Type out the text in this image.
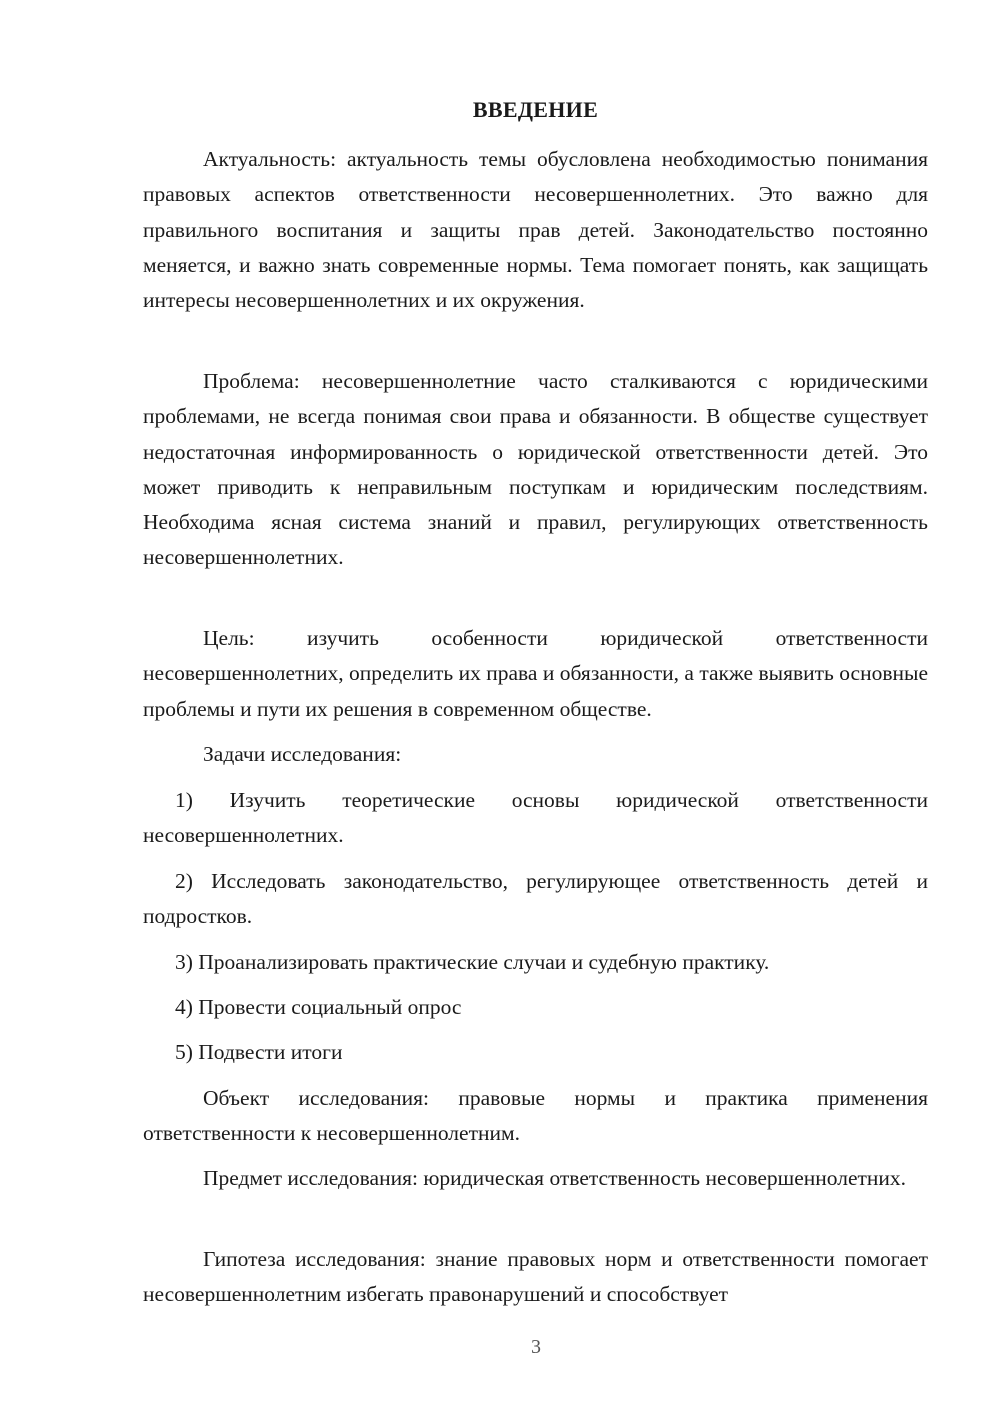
ВВЕДЕНИЕ

Актуальность: актуальность темы обусловлена необходимостью понимания правовых аспектов ответственности несовершеннолетних. Это важно для правильного воспитания и защиты прав детей. Законодательство постоянно меняется, и важно знать современные нормы. Тема помогает понять, как защищать интересы несовершеннолетних и их окружения.

Проблема: несовершеннолетние часто сталкиваются с юридическими проблемами, не всегда понимая свои права и обязанности. В обществе существует недостаточная информированность о юридической ответственности детей. Это может приводить к неправильным поступкам и юридическим последствиям. Необходима ясная система знаний и правил, регулирующих ответственность несовершеннолетних.

Цель: изучить особенности юридической ответственности несовершеннолетних, определить их права и обязанности, а также выявить основные проблемы и пути их решения в современном обществе.

Задачи исследования:

1) Изучить теоретические основы юридической ответственности несовершеннолетних.

2) Исследовать законодательство, регулирующее ответственность детей и подростков.

3) Проанализировать практические случаи и судебную практику.

4) Провести социальный опрос

5) Подвести итоги

Объект исследования: правовые нормы и практика применения ответственности к несовершеннолетним.

Предмет исследования: юридическая ответственность несовершеннолетних.

Гипотеза исследования: знание правовых норм и ответственности помогает несовершеннолетним избегать правонарушений и способствует

3
